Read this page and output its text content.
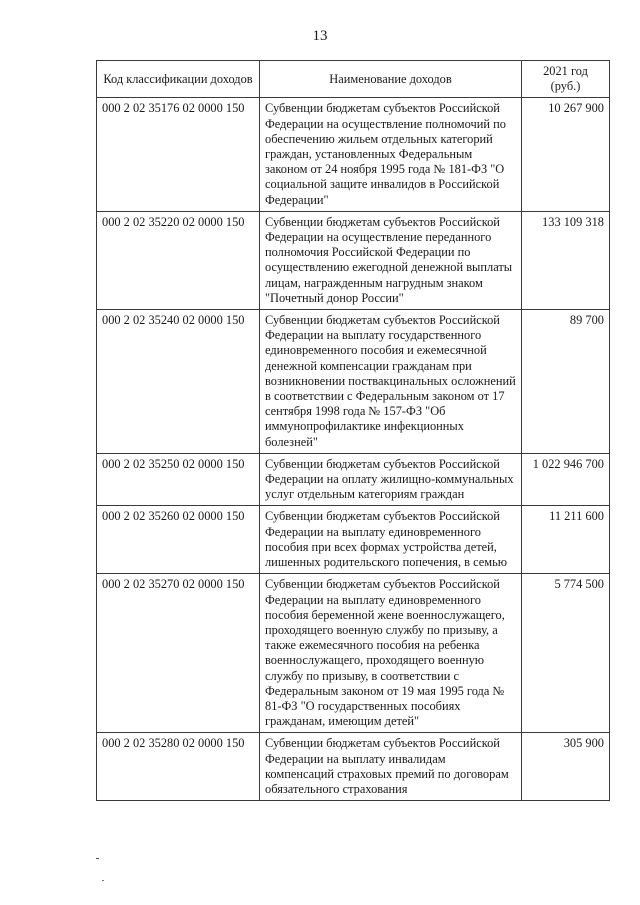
13
Код классификации доходов	Наименование доходов	2021 год (руб.)
000 2 02 35176 02 0000 150	Субвенции бюджетам субъектов Российской Федерации на осуществление полномочий по обеспечению жильем отдельных категорий граждан, установленных Федеральным законом от 24 ноября 1995 года № 181-ФЗ "О социальной защите инвалидов в Российской Федерации"	10 267 900
000 2 02 35220 02 0000 150	Субвенции бюджетам субъектов Российской Федерации на осуществление переданного полномочия Российской Федерации по осуществлению ежегодной денежной выплаты лицам, награжденным нагрудным знаком "Почетный донор России"	133 109 318
000 2 02 35240 02 0000 150	Субвенции бюджетам субъектов Российской Федерации на выплату государственного единовременного пособия и ежемесячной денежной компенсации гражданам при возникновении поствакцинальных осложнений в соответствии с Федеральным законом от 17 сентября 1998 года № 157-ФЗ "Об иммунопрофилактике инфекционных болезней"	89 700
000 2 02 35250 02 0000 150	Субвенции бюджетам субъектов Российской Федерации на оплату жилищно-коммунальных услуг отдельным категориям граждан	1 022 946 700
000 2 02 35260 02 0000 150	Субвенции бюджетам субъектов Российской Федерации на выплату единовременного пособия при всех формах устройства детей, лишенных родительского попечения, в семью	11 211 600
000 2 02 35270 02 0000 150	Субвенции бюджетам субъектов Российской Федерации на выплату единовременного пособия беременной жене военнослужащего, проходящего военную службу по призыву, а также ежемесячного пособия на ребенка военнослужащего, проходящего военную службу по призыву, в соответствии с Федеральным законом от 19 мая 1995 года № 81-ФЗ "О государственных пособиях гражданам, имеющим детей"	5 774 500
000 2 02 35280 02 0000 150	Субвенции бюджетам субъектов Российской Федерации на выплату инвалидам компенсаций страховых премий по договорам обязательного страхования	305 900
